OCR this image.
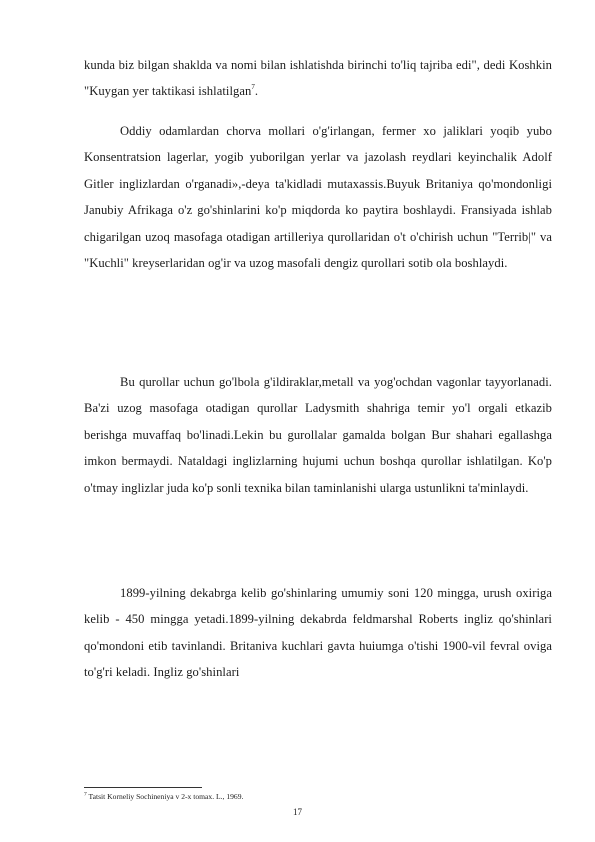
kunda biz bilgan shaklda va nomi bilan ishlatishda birinchi to'liq tajriba edi", dedi Koshkin "Kuygan yer taktikasi ishlatilgan$^7$.

Oddiy odamlardan chorva mollari o'g'irlangan, fermer xo jaliklari yoqib yubo Konsentratsion lagerlar, yogib yuborilgan yerlar va jazolash reydlari keyinchalik Adolf Gitler inglizlardan o'rganadi»,-deya ta'kidladi mutaxassis.Buyuk Britaniya qo'mondonligi Janubiy Afrikaga o'z go'shinlarini ko'p miqdorda ko paytira boshlaydi. Fransiyada ishlab chigarilgan uzoq masofaga otadigan artilleriya qurollaridan o't o'chirish uchun "Terrib|" va "Kuchli" kreyserlaridan og'ir va uzog masofali dengiz qurollari sotib ola boshlaydi.

Bu qurollar uchun go'lbola g'ildiraklar,metall va yog'ochdan vagonlar tayyorlanadi. Ba'zi uzog masofaga otadigan qurollar Ladysmith shahriga temir yo'l orgali etkazib berishga muvaffaq bo'linadi.Lekin bu gurollalar gamalda bolgan Bur shahari egallashga imkon bermaydi. Nataldagi inglizlarning hujumi uchun boshqa qurollar ishlatilgan. Ko'p o'tmay inglizlar juda ko'p sonli texnika bilan taminlanishi ularga ustunlikni ta'minlaydi.

1899-yilning dekabrga kelib go'shinlaring umumiy soni 120 mingga, urush oxiriga kelib - 450 mingga yetadi.1899-yilning dekabrda feldmarshal Roberts ingliz qo'shinlari qo'mondoni etib tavinlandi. Britaniva kuchlari gavta huiumga o'tishi 1900-vil fevral oviga to'g'ri keladi. Ingliz go'shinlari

$^7$ Tatsit Korneliy Sochineniya v 2-x tomax. L., 1969.

17
